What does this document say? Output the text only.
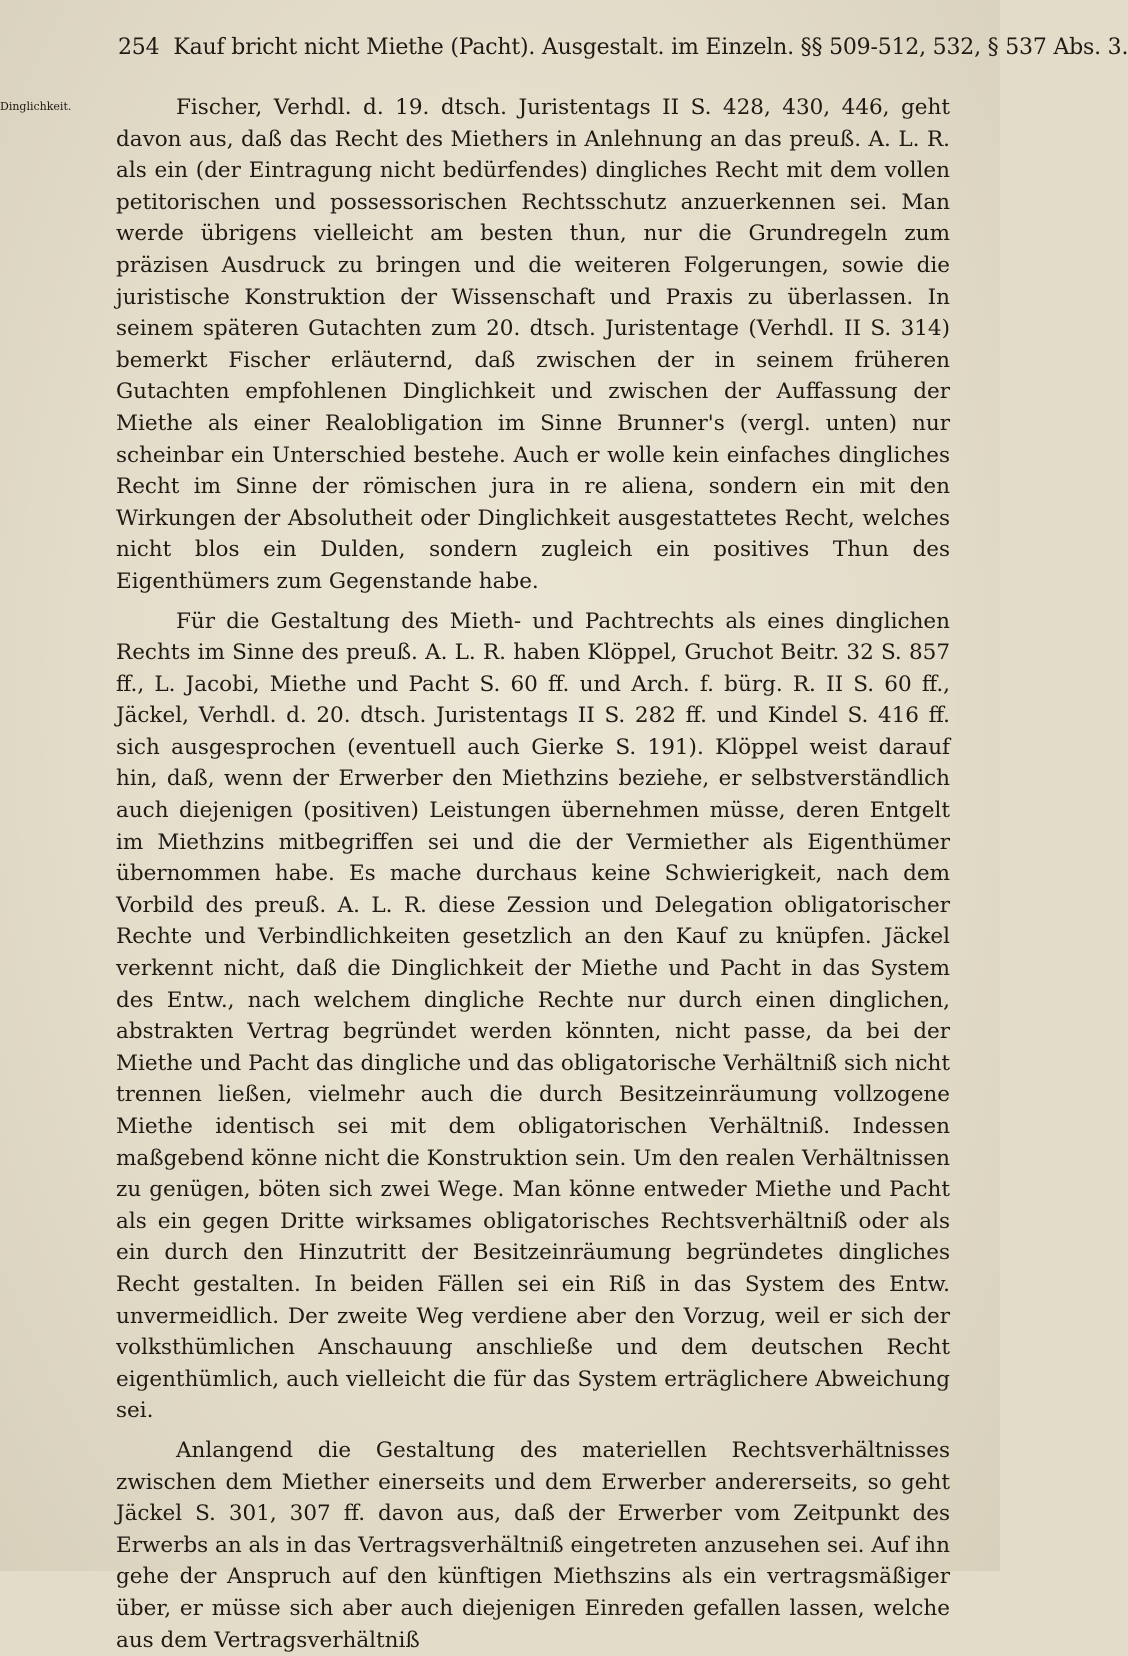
254 Kauf bricht nicht Miethe (Pacht). Ausgestalt. im Einzeln. §§ 509-512, 532, § 537 Abs. 3.
Dinglichkeit.	Fischer, Verhdl. d. 19. dtsch. Juristentags II S. 428, 430, 446, geht davon aus, daß das Recht des Miethers in Anlehnung an das preuß. A. L. R. als ein (der Eintragung nicht bedürfendes) dingliches Recht mit dem vollen petitorischen und possessorischen Rechtsschutz anzuerkennen sei. Man werde übrigens vielleicht am besten thun, nur die Grundregeln zum präzisen Ausdruck zu bringen und die weiteren Folgerungen, sowie die juristische Konstruktion der Wissenschaft und Praxis zu überlassen. In seinem späteren Gutachten zum 20. dtsch. Juristentage (Verhdl. II S. 314) bemerkt Fischer erläuternd, daß zwischen der in seinem früheren Gutachten empfohlenen Dinglichkeit und zwischen der Auffassung der Miethe als einer Realobligation im Sinne Brunner's (vergl. unten) nur scheinbar ein Unterschied bestehe. Auch er wolle kein einfaches dingliches Recht im Sinne der römischen jura in re aliena, sondern ein mit den Wirkungen der Absolutheit oder Dinglichkeit ausgestattetes Recht, welches nicht blos ein Dulden, sondern zugleich ein positives Thun des Eigenthümers zum Gegenstande habe.

Für die Gestaltung des Mieth- und Pachtrechts als eines dinglichen Rechts im Sinne des preuß. A. L. R. haben Klöppel, Gruchot Beitr. 32 S. 857 ff., L. Jacobi, Miethe und Pacht S. 60 ff. und Arch. f. bürg. R. II S. 60 ff., Jäckel, Verhdl. d. 20. dtsch. Juristentags II S. 282 ff. und Kindel S. 416 ff. sich ausgesprochen (eventuell auch Gierke S. 191). Klöppel weist darauf hin, daß, wenn der Erwerber den Miethzins beziehe, er selbstverständlich auch diejenigen (positiven) Leistungen übernehmen müsse, deren Entgelt im Miethzins mitbegriffen sei und die der Vermiether als Eigenthümer übernommen habe. Es mache durchaus keine Schwierigkeit, nach dem Vorbild des preuß. A. L. R. diese Zession und Delegation obligatorischer Rechte und Verbindlichkeiten gesetzlich an den Kauf zu knüpfen. Jäckel verkennt nicht, daß die Dinglichkeit der Miethe und Pacht in das System des Entw., nach welchem dingliche Rechte nur durch einen dinglichen, abstrakten Vertrag begründet werden könnten, nicht passe, da bei der Miethe und Pacht das dingliche und das obligatorische Verhältniß sich nicht trennen ließen, vielmehr auch die durch Besitzeinräumung vollzogene Miethe identisch sei mit dem obligatorischen Verhältniß. Indessen maßgebend könne nicht die Konstruktion sein. Um den realen Verhältnissen zu genügen, böten sich zwei Wege. Man könne entweder Miethe und Pacht als ein gegen Dritte wirksames obligatorisches Rechtsverhältniß oder als ein durch den Hinzutritt der Besitzeinräumung begründetes dingliches Recht gestalten. In beiden Fällen sei ein Riß in das System des Entw. unvermeidlich. Der zweite Weg verdiene aber den Vorzug, weil er sich der volksthümlichen Anschauung anschließe und dem deutschen Recht eigenthümlich, auch vielleicht die für das System erträglichere Abweichung sei.

Anlangend die Gestaltung des materiellen Rechtsverhältnisses zwischen dem Miether einerseits und dem Erwerber andererseits, so geht Jäckel S. 301, 307 ff. davon aus, daß der Erwerber vom Zeitpunkt des Erwerbs an als in das Vertragsverhältniß eingetreten anzusehen sei. Auf ihn gehe der Anspruch auf den künftigen Miethszins als ein vertragsmäßiger über, er müsse sich aber auch diejenigen Einreden gefallen lassen, welche aus dem Vertragsverhältniß
